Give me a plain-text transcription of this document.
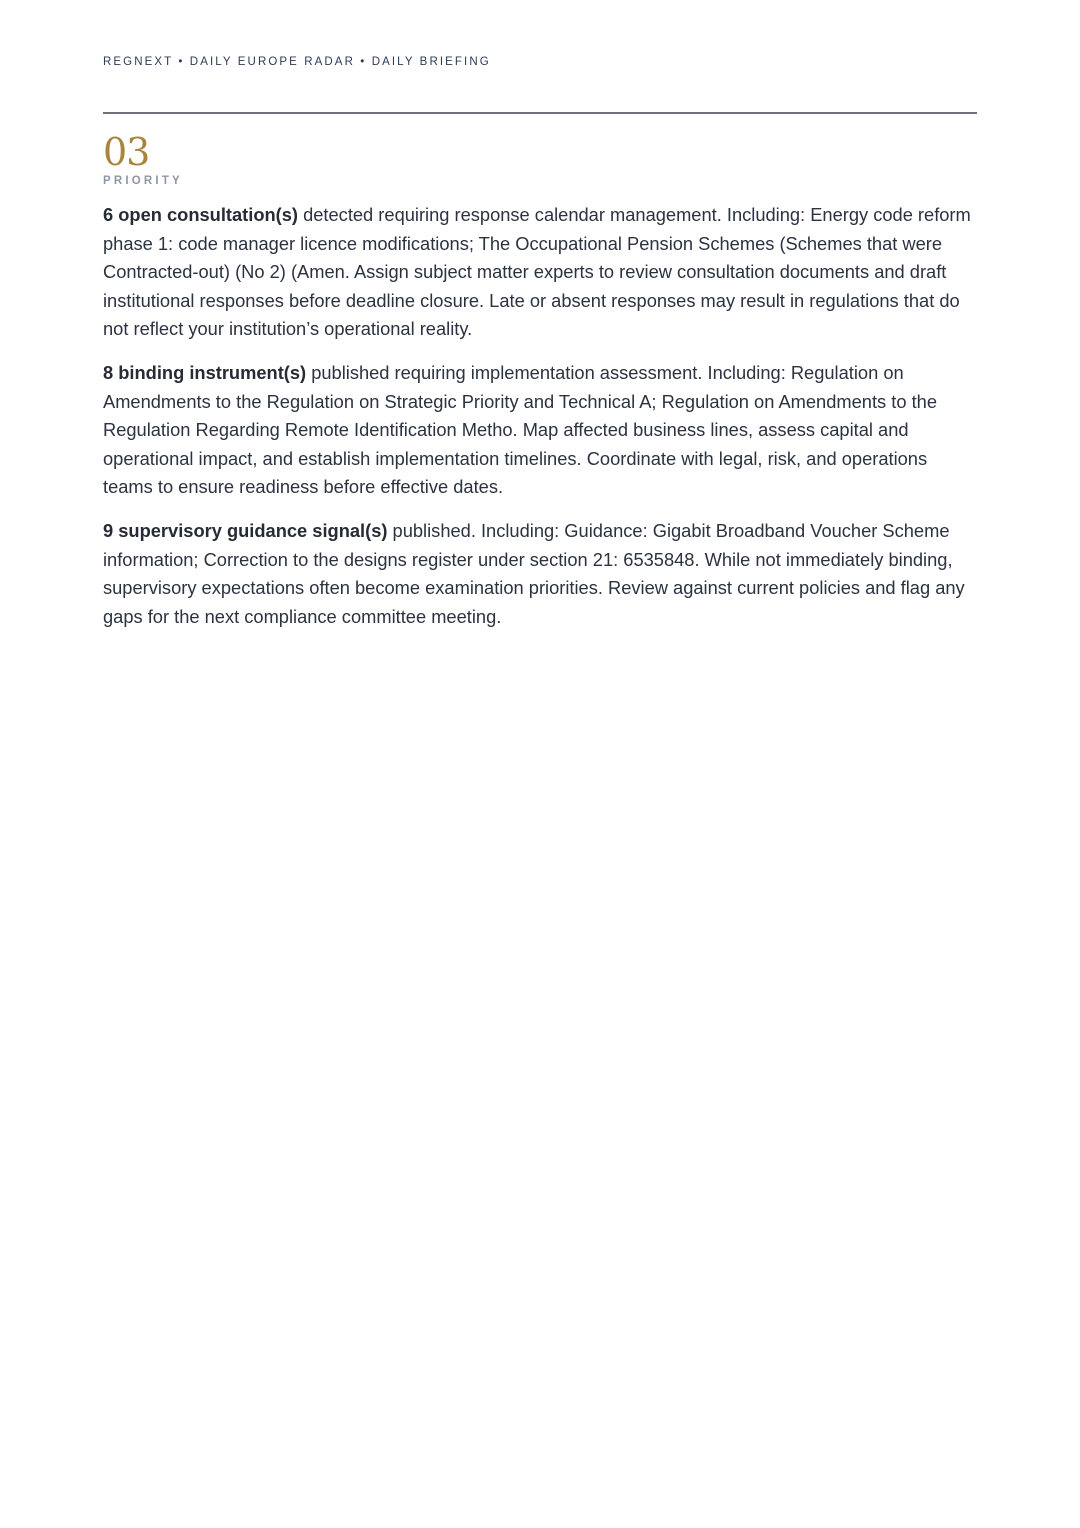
REGNEXT • DAILY EUROPE RADAR • DAILY BRIEFING
03
PRIORITY

6 open consultation(s) detected requiring response calendar management. Including: Energy code reform phase 1: code manager licence modifications; The Occupational Pension Schemes (Schemes that were Contracted-out) (No 2) (Amen. Assign subject matter experts to review consultation documents and draft institutional responses before deadline closure. Late or absent responses may result in regulations that do not reflect your institution’s operational reality.

8 binding instrument(s) published requiring implementation assessment. Including: Regulation on Amendments to the Regulation on Strategic Priority and Technical A; Regulation on Amendments to the Regulation Regarding Remote Identification Metho. Map affected business lines, assess capital and operational impact, and establish implementation timelines. Coordinate with legal, risk, and operations teams to ensure readiness before effective dates.

9 supervisory guidance signal(s) published. Including: Guidance: Gigabit Broadband Voucher Scheme information; Correction to the designs register under section 21: 6535848. While not immediately binding, supervisory expectations often become examination priorities. Review against current policies and flag any gaps for the next compliance committee meeting.
